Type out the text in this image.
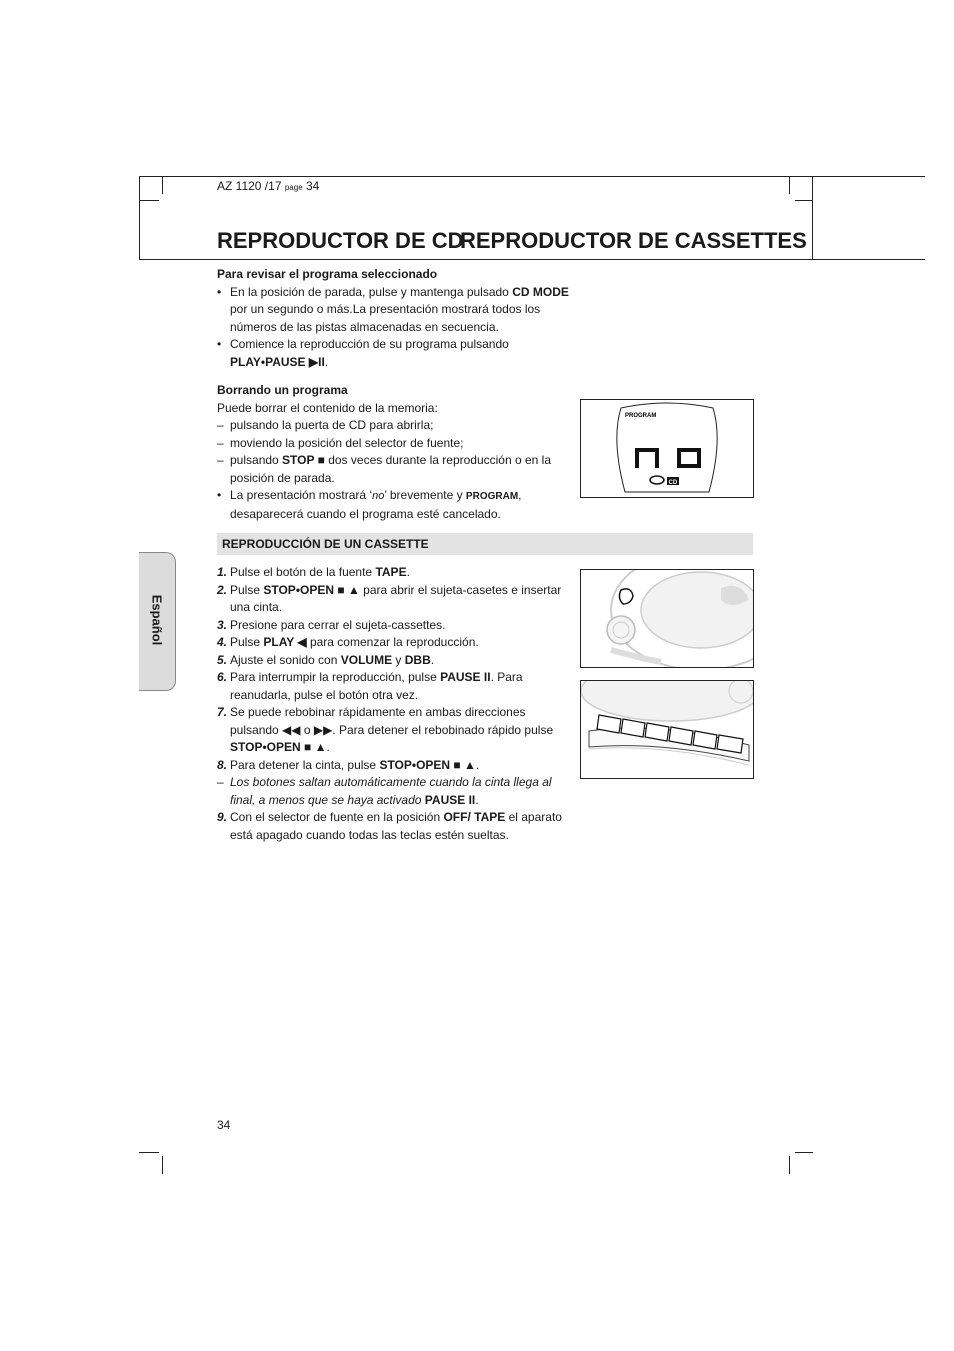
AZ 1120 /17 page 34
REPRODUCTOR DE CD
REPRODUCTOR DE CASSETTES
Español

Para revisar el programa seleccionado

• En la posición de parada, pulse y mantenga pulsado CD MODE por un segundo o más.La presentación mostrará todos los números de las pistas almacenadas en secuencia.

• Comience la reproducción de su programa pulsando PLAY•PAUSE ▶II.

Borrando un programa

Puede borrar el contenido de la memoria:

– pulsando la puerta de CD para abrirla;

– moviendo la posición del selector de fuente;

– pulsando STOP ■ dos veces durante la reproducción o en la posición de parada.

• La presentación mostrará ‘no’ brevemente y PROGRAM, desaparecerá cuando el programa esté cancelado.

PROGRAM
CD
REPRODUCCIÓN DE UN CASSETTE

1. Pulse el botón de la fuente TAPE.

2. Pulse STOP•OPEN ■ ▲ para abrir el sujeta-casetes e insertar una cinta.

3. Presione para cerrar el sujeta-cassettes.

4. Pulse PLAY ◀ para comenzar la reproducción.

5. Ajuste el sonido con VOLUME y DBB.

6. Para interrumpir la reproducción, pulse PAUSE II. Para reanudarla, pulse el botón otra vez.

7. Se puede rebobinar rápidamente en ambas direcciones pulsando ◀◀ o ▶▶. Para detener el rebobinado rápido pulse STOP•OPEN ■ ▲.

8. Para detener la cinta, pulse STOP•OPEN ■ ▲.

– Los botones saltan automáticamente cuando la cinta llega al final, a menos que se haya activado PAUSE II.

9. Con el selector de fuente en la posición OFF/ TAPE el aparato está apagado cuando todas las teclas estén sueltas.

34
